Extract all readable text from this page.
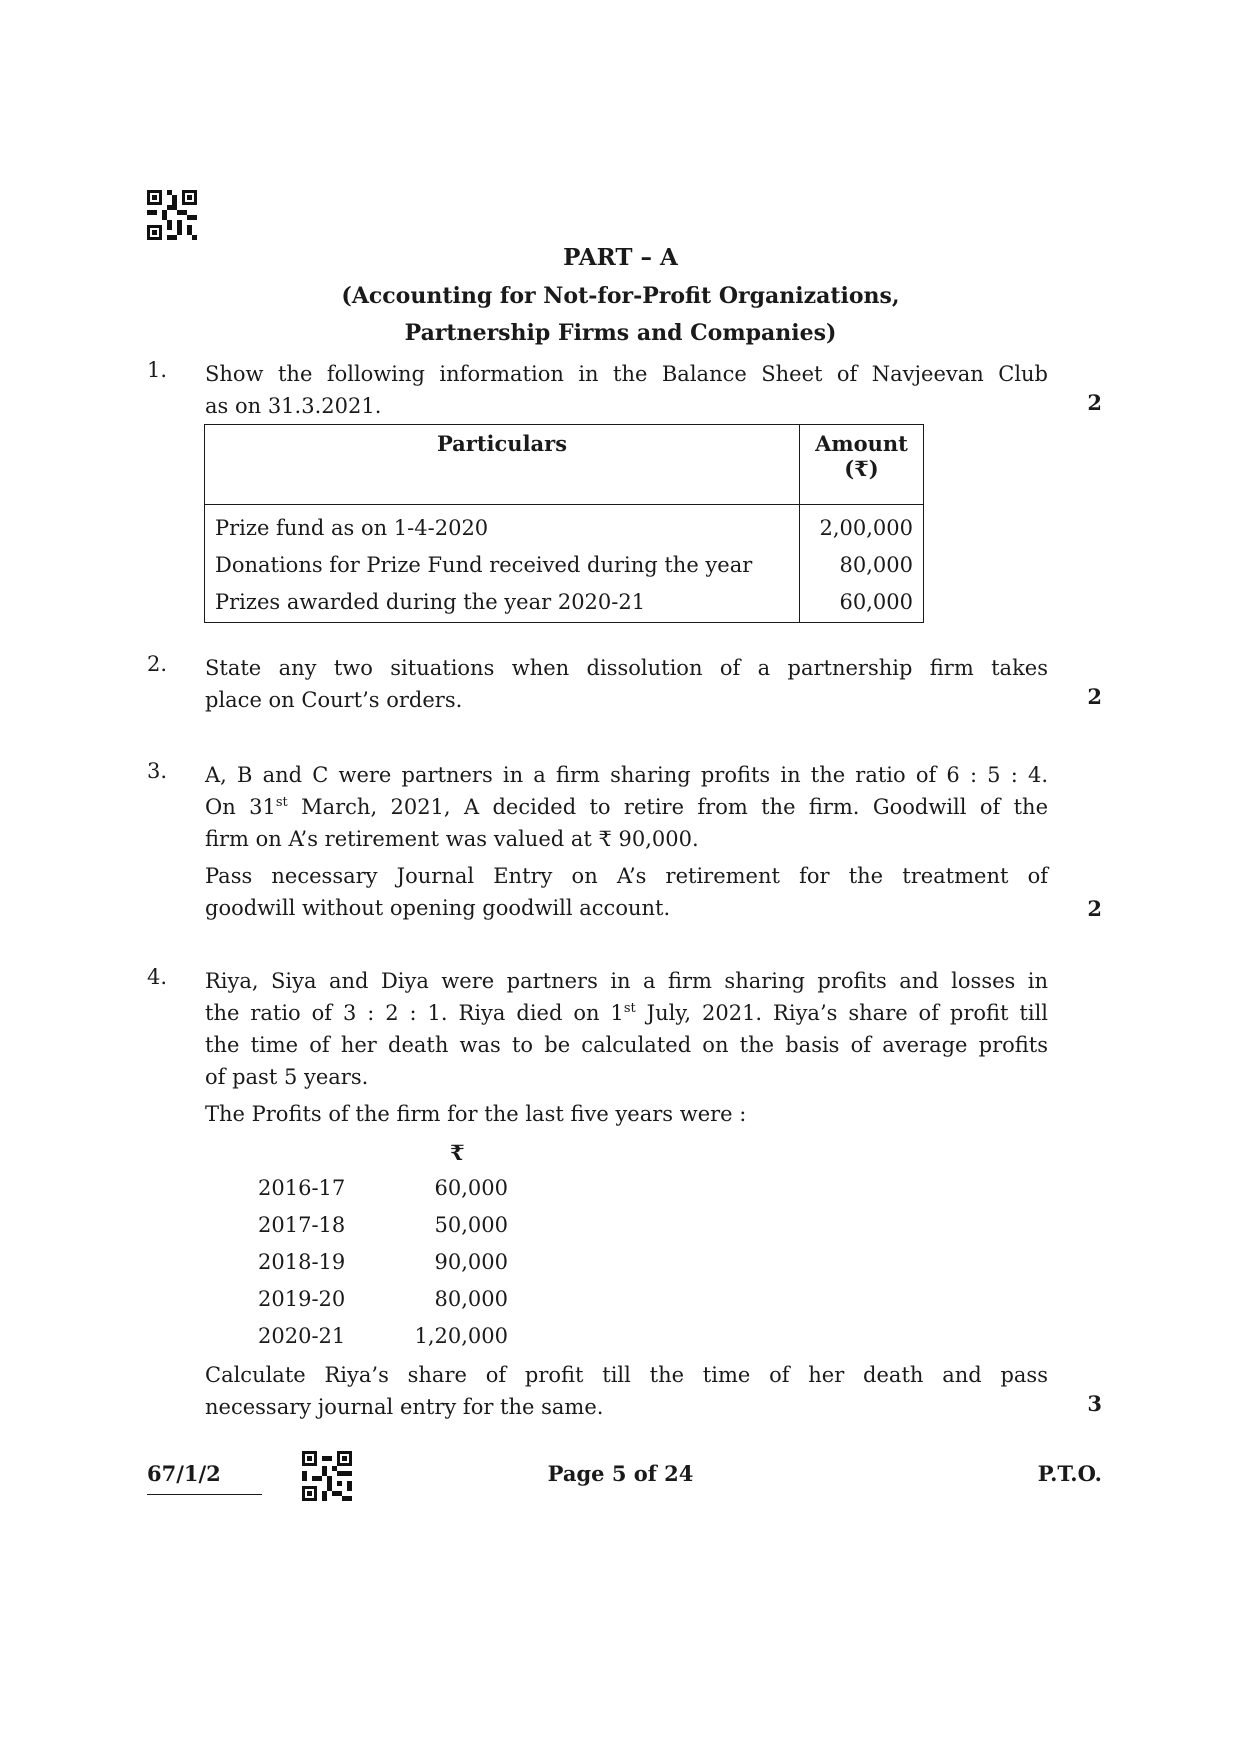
PART – A
(Accounting for Not-for-Profit Organizations,
Partnership Firms and Companies)
1. Show the following information in the Balance Sheet of Navjeevan Club
as on 31.3.2021.	2
Particulars	Amount
(₹)
Prize fund as on 1-4-2020	2,00,000
Donations for Prize Fund received during the year	80,000
Prizes awarded during the year 2020-21	60,000
2. State any two situations when dissolution of a partnership firm takes
place on Court’s orders.	2
3. A, B and C were partners in a firm sharing profits in the ratio of 6 : 5 : 4.
On 31st March, 2021, A decided to retire from the firm. Goodwill of the
firm on A’s retirement was valued at ₹ 90,000.
Pass necessary Journal Entry on A’s retirement for the treatment of
goodwill without opening goodwill account.	2
4. Riya, Siya and Diya were partners in a firm sharing profits and losses in
the ratio of 3 : 2 : 1. Riya died on 1st July, 2021. Riya’s share of profit till
the time of her death was to be calculated on the basis of average profits
of past 5 years.
The Profits of the firm for the last five years were :
₹
2016-17	60,000
2017-18	50,000
2018-19	90,000
2019-20	80,000
2020-21	1,20,000
Calculate Riya’s share of profit till the time of her death and pass
necessary journal entry for the same.	3
67/1/2	Page 5 of 24	P.T.O.
